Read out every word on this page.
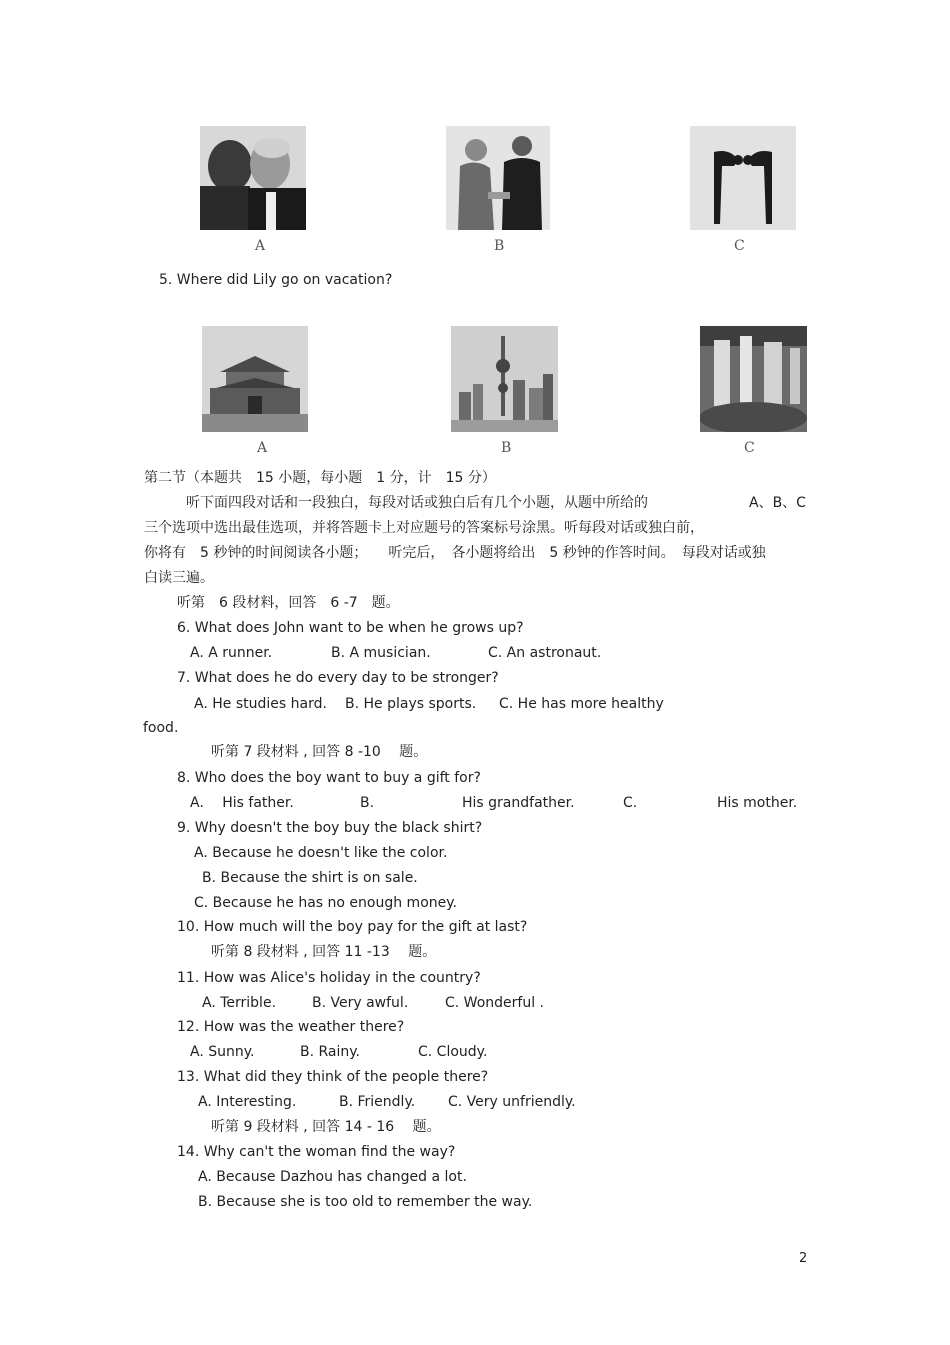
A	B	C
5. Where did Lily go on vacation?
A	B	C
第二节（本题共　15 小题，每小题　1 分，计　15 分）
听下面四段对话和一段独白，每段对话或独白后有几个小题，从题中所给的	A、B、C
三个选项中选出最佳选项，并将答题卡上对应题号的答案标号涂黑。听每段对话或独白前，
你将有　5 秒钟的时间阅读各小题；　　听完后，　各小题将给出　5 秒钟的作答时间。　每段对话或独
白读三遍。
听第　6 段材料，回答　6 -7　题。
6. What does John want to be when he grows up?
A. A runner.	B. A musician.	C. An astronaut.
7. What does he do every day to be stronger?
A. He studies hard. B. He plays sports. C. He has more healthy
food.
听第 7 段材料 , 回答 8 -10　 题。
8. Who does the boy want to buy a gift for?
A.　 His father.	B.	His grandfather.	C.	His mother.
9. Why doesn't the boy buy the black shirt?
A. Because he doesn't like the color.
B. Because the shirt is on sale.
C. Because he has no enough money.
10. How much will the boy pay for the gift at last?
听第 8 段材料 , 回答 11 -13　 题。
11. How was Alice's holiday in the country?
A. Terrible.	B. Very awful.	C. Wonderful .
12. How was the weather there?
A. Sunny.	B. Rainy.	C. Cloudy.
13. What did they think of the people there?
A. Interesting.	B. Friendly. C. Very unfriendly.
听第 9 段材料 , 回答 14 - 16　 题。
14. Why can't the woman find the way?
A. Because Dazhou has changed a lot.
B. Because she is too old to remember the way.
2
